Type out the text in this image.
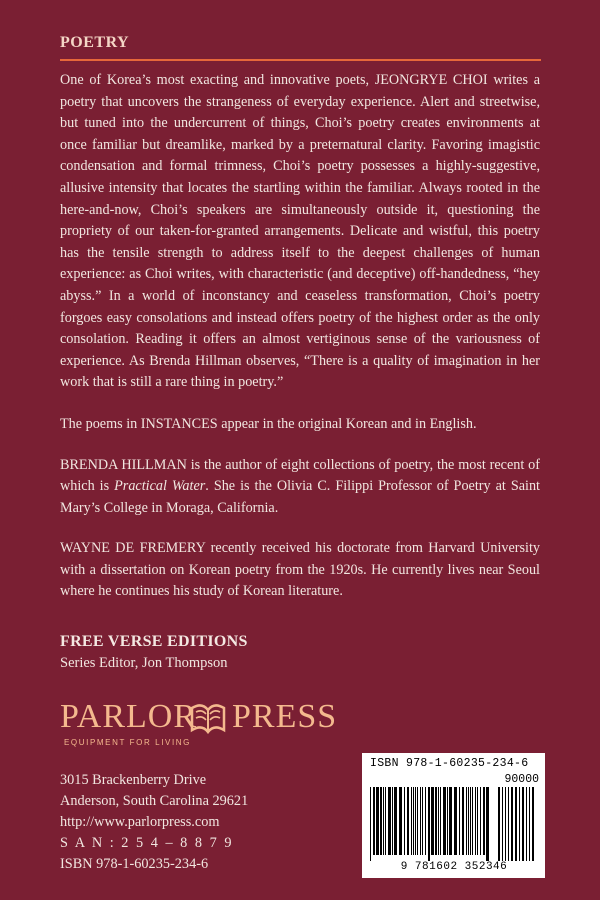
POETRY

One of Korea’s most exacting and innovative poets, JEONGRYE CHOI writes a poetry that uncovers the strangeness of everyday experience. Alert and streetwise, but tuned into the undercurrent of things, Choi’s poetry creates environments at once familiar but dreamlike, marked by a preternatural clarity. Favoring imagistic condensation and formal trimness, Choi’s poetry possesses a highly-suggestive, allusive intensity that locates the startling within the familiar. Always rooted in the here-and-now, Choi’s speakers are simultaneously outside it, questioning the propriety of our taken-for-granted arrangements. Delicate and wistful, this poetry has the tensile strength to address itself to the deepest challenges of human experience: as Choi writes, with characteristic (and deceptive) off-handedness, “hey abyss.” In a world of inconstancy and ceaseless transformation, Choi’s poetry forgoes easy consolations and instead offers poetry of the highest order as the only consolation. Reading it offers an almost vertiginous sense of the variousness of experience. As Brenda Hillman observes, “There is a quality of imagination in her work that is still a rare thing in poetry.”

The poems in INSTANCES appear in the original Korean and in English.

BRENDA HILLMAN is the author of eight collections of poetry, the most recent of which is Practical Water. She is the Olivia C. Filippi Professor of Poetry at Saint Mary’s College in Moraga, California.

WAYNE DE FREMERY recently received his doctorate from Harvard University with a dissertation on Korean poetry from the 1920s. He currently lives near Seoul where he continues his study of Korean literature.

FREE VERSE EDITIONS
Series Editor, Jon Thompson
PARLOR PRESS
EQUIPMENT FOR LIVING
3015 Brackenberry Drive
Anderson, South Carolina 29621
http://www.parlorpress.com
S A N : 2 5 4 – 8 8 7 9
ISBN 978-1-60235-234-6
ISBN 978-1-60235-234-6
90000
9 781602 352346
